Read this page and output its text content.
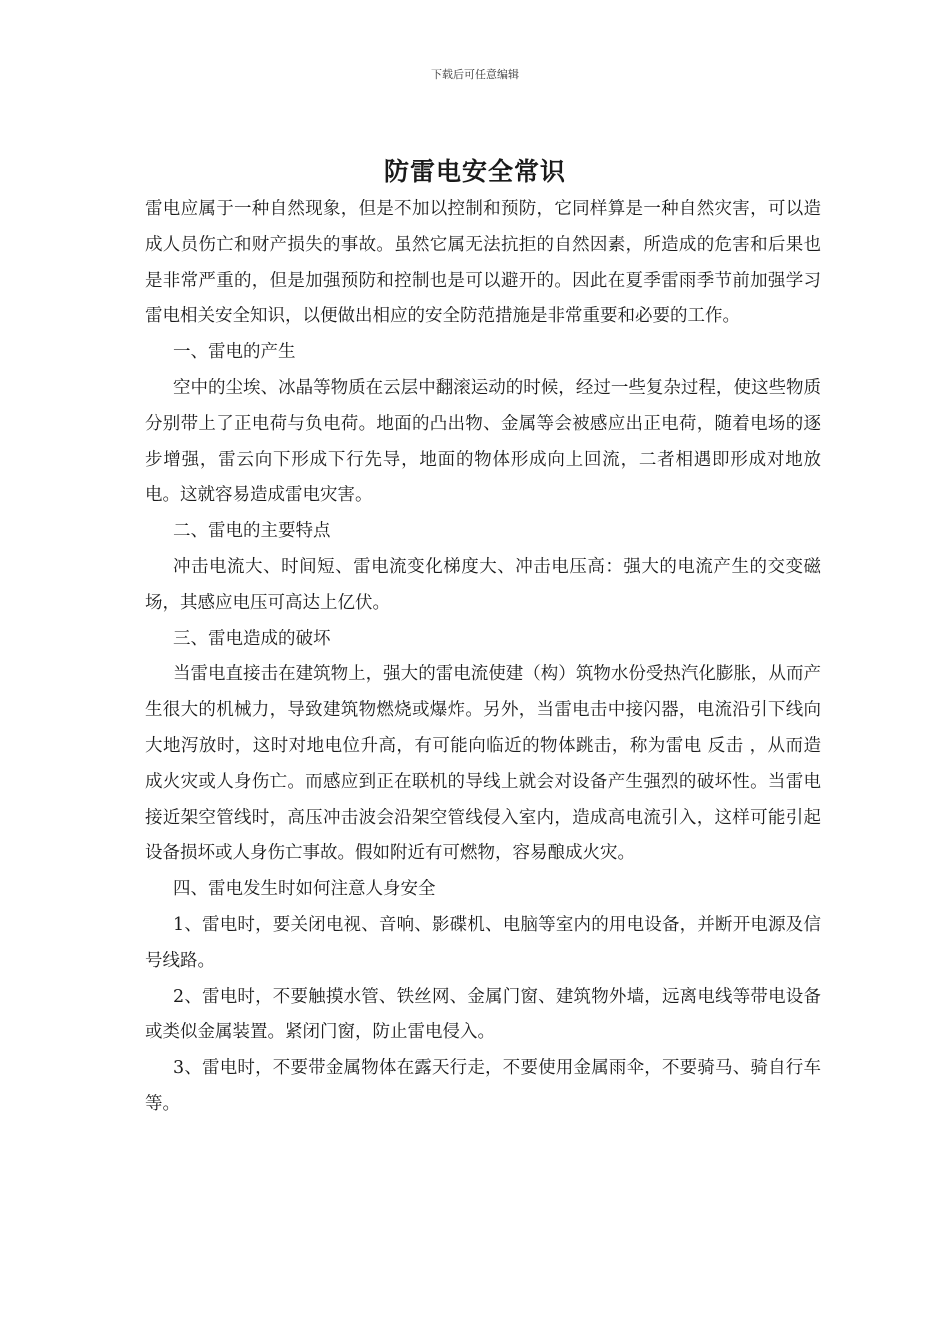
下载后可任意编辑
防雷电安全常识

雷电应属于一种自然现象，但是不加以控制和预防，它同样算是一种自然灾害，可以造成人员伤亡和财产损失的事故。虽然它属无法抗拒的自然因素，所造成的危害和后果也是非常严重的，但是加强预防和控制也是可以避开的。因此在夏季雷雨季节前加强学习雷电相关安全知识，以便做出相应的安全防范措施是非常重要和必要的工作。

一、雷电的产生

空中的尘埃、冰晶等物质在云层中翻滚运动的时候，经过一些复杂过程，使这些物质分别带上了正电荷与负电荷。地面的凸出物、金属等会被感应出正电荷，随着电场的逐步增强，雷云向下形成下行先导，地面的物体形成向上回流，二者相遇即形成对地放电。这就容易造成雷电灾害。

二、雷电的主要特点

冲击电流大、时间短、雷电流变化梯度大、冲击电压高：强大的电流产生的交变磁场，其感应电压可高达上亿伏。

三、雷电造成的破坏

当雷电直接击在建筑物上，强大的雷电流使建（构）筑物水份受热汽化膨胀，从而产生很大的机械力，导致建筑物燃烧或爆炸。另外，当雷电击中接闪器，电流沿引下线向大地泻放时，这时对地电位升高，有可能向临近的物体跳击，称为雷电 反击 ，从而造成火灾或人身伤亡。而感应到正在联机的导线上就会对设备产生强烈的破坏性。当雷电接近架空管线时，高压冲击波会沿架空管线侵入室内，造成高电流引入，这样可能引起设备损坏或人身伤亡事故。假如附近有可燃物，容易酿成火灾。

四、雷电发生时如何注意人身安全

1、雷电时，要关闭电视、音响、影碟机、电脑等室内的用电设备，并断开电源及信号线路。

2、雷电时，不要触摸水管、铁丝网、金属门窗、建筑物外墙，远离电线等带电设备或类似金属装置。紧闭门窗，防止雷电侵入。

3、雷电时，不要带金属物体在露天行走，不要使用金属雨伞，不要骑马、骑自行车等。
